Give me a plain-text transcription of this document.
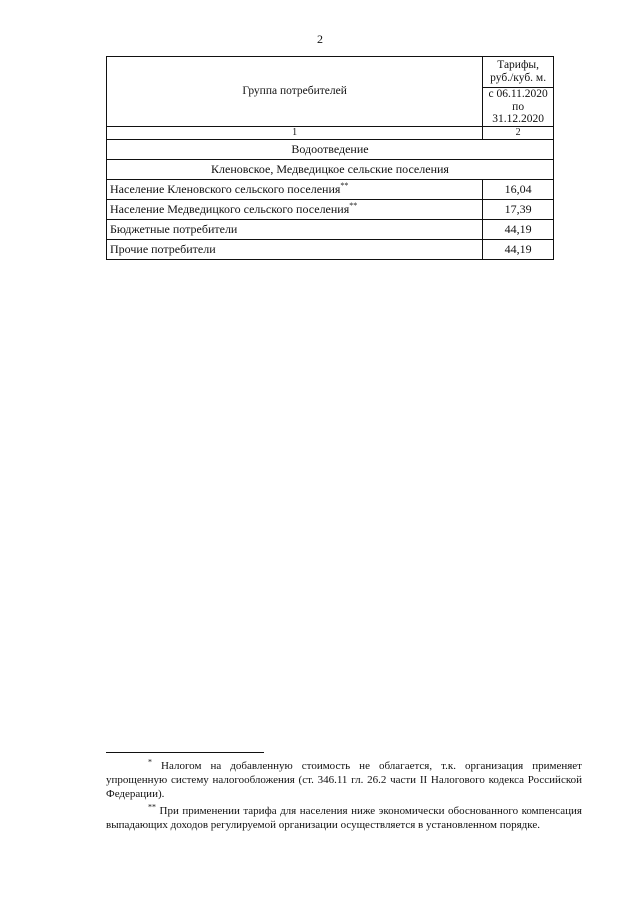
2
Группа потребителей	Тарифы, руб./куб. м.
	с 06.11.2020 по 31.12.2020
1	2
Водоотведение	
Кленовское, Медведицкое сельские поселения	
Население Кленовского сельского поселения**	16,04
Население Медведицкого сельского поселения**	17,39
Бюджетные потребители	44,19
Прочие потребители	44,19

* Налогом на добавленную стоимость не облагается, т.к. организация применяет упрощенную систему налогообложения (ст. 346.11 гл. 26.2 части II Налогового кодекса Российской Федерации).

** При применении тарифа для населения ниже экономически обоснованного компенсация выпадающих доходов регулируемой организации осуществляется в установленном порядке.
